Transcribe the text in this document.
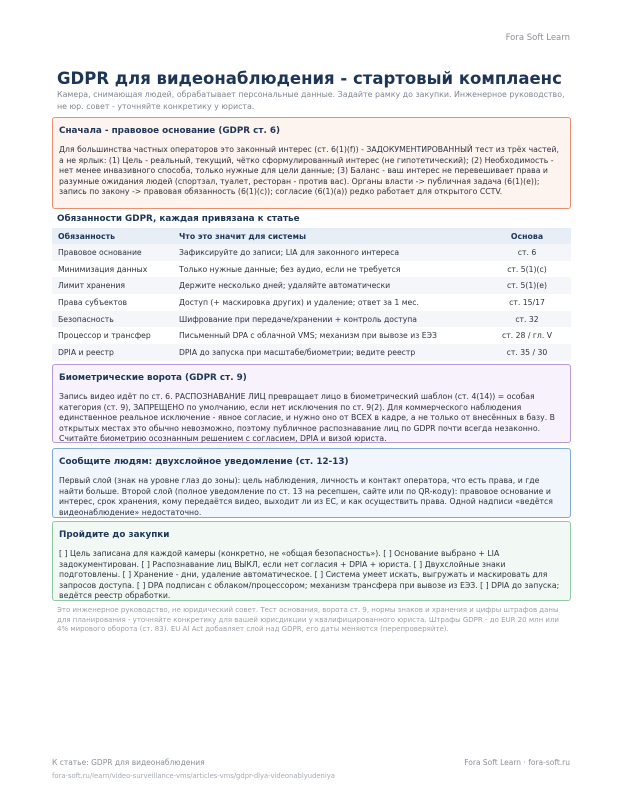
Fora Soft Learn
GDPR для видеонаблюдения - стартовый комплаенс
Камера, снимающая людей, обрабатывает персональные данные. Задайте рамку до закупки. Инженерное руководство, не юр. совет - уточняйте конкретику у юриста.
Сначала - правовое основание (GDPR ст. 6)

Для большинства частных операторов это законный интерес (ст. 6(1)(f)) - ЗАДОКУМЕНТИРОВАННЫЙ тест из трёх частей, а не ярлык: (1) Цель - реальный, текущий, чётко сформулированный интерес (не гипотетический); (2) Необходимость - нет менее инвазивного способа, только нужные для цели данные; (3) Баланс - ваш интерес не перевешивает права и разумные ожидания людей (спортзал, туалет, ресторан - против вас). Органы власти -> публичная задача (6(1)(e)); запись по закону -> правовая обязанность (6(1)(c)); согласие (6(1)(a)) редко работает для открытого CCTV.

Обязанности GDPR, каждая привязана к статье
Обязанность	Что это значит для системы	Основа
Правовое основание	Зафиксируйте до записи; LIA для законного интереса	ст. 6
Минимизация данных	Только нужные данные; без аудио, если не требуется	ст. 5(1)(с)
Лимит хранения	Держите несколько дней; удаляйте автоматически	ст. 5(1)(е)
Права субъектов	Доступ (+ маскировка других) и удаление; ответ за 1 мес.	ст. 15/17
Безопасность	Шифрование при передаче/хранении + контроль доступа	ст. 32
Процессор и трансфер	Письменный DPA с облачной VMS; механизм при вывозе из ЕЭЗ	ст. 28 / гл. V
DPIA и реестр	DPIA до запуска при масштабе/биометрии; ведите реестр	ст. 35 / 30
Биометрические ворота (GDPR ст. 9)

Запись видео идёт по ст. 6. РАСПОЗНАВАНИЕ ЛИЦ превращает лицо в биометрический шаблон (ст. 4(14)) = особая категория (ст. 9), ЗАПРЕЩЕНО по умолчанию, если нет исключения по ст. 9(2). Для коммерческого наблюдения единственное реальное исключение - явное согласие, и нужно оно от ВСЕХ в кадре, а не только от внесённых в базу. В открытых местах это обычно невозможно, поэтому публичное распознавание лиц по GDPR почти всегда незаконно. Считайте биометрию осознанным решением с согласием, DPIA и визой юриста.

Сообщите людям: двухслойное уведомление (ст. 12-13)

Первый слой (знак на уровне глаз до зоны): цель наблюдения, личность и контакт оператора, что есть права, и где найти больше. Второй слой (полное уведомление по ст. 13 на ресепшен, сайте или по QR-коду): правовое основание и интерес, срок хранения, кому передаётся видео, выходит ли из ЕС, и как осуществить права. Одной надписи «ведётся видеонаблюдение» недостаточно.

Пройдите до закупки

[ ] Цель записана для каждой камеры (конкретно, не «общая безопасность»). [ ] Основание выбрано + LIA задокументирован. [ ] Распознавание лиц ВЫКЛ, если нет согласия + DPIA + юриста. [ ] Двухслойные знаки подготовлены. [ ] Хранение - дни, удаление автоматическое. [ ] Система умеет искать, выгружать и маскировать для запросов доступа. [ ] DPA подписан с облаком/процессором; механизм трансфера при вывозе из ЕЭЗ. [ ] DPIA до запуска; ведётся реестр обработки.

Это инженерное руководство, не юридический совет. Тест основания, ворота ст. 9, нормы знаков и хранения и цифры штрафов даны для планирования - уточняйте конкретику для вашей юрисдикции у квалифицированного юриста. Штрафы GDPR - до EUR 20 млн или 4% мирового оборота (ст. 83). EU AI Act добавляет слой над GDPR, его даты меняются (перепроверяйте).
К статье: GDPR для видеонаблюдения
fora-soft.ru/learn/video-surveillance-vms/articles-vms/gdpr-dlya-videonablyudeniya
Fora Soft Learn · fora-soft.ru
